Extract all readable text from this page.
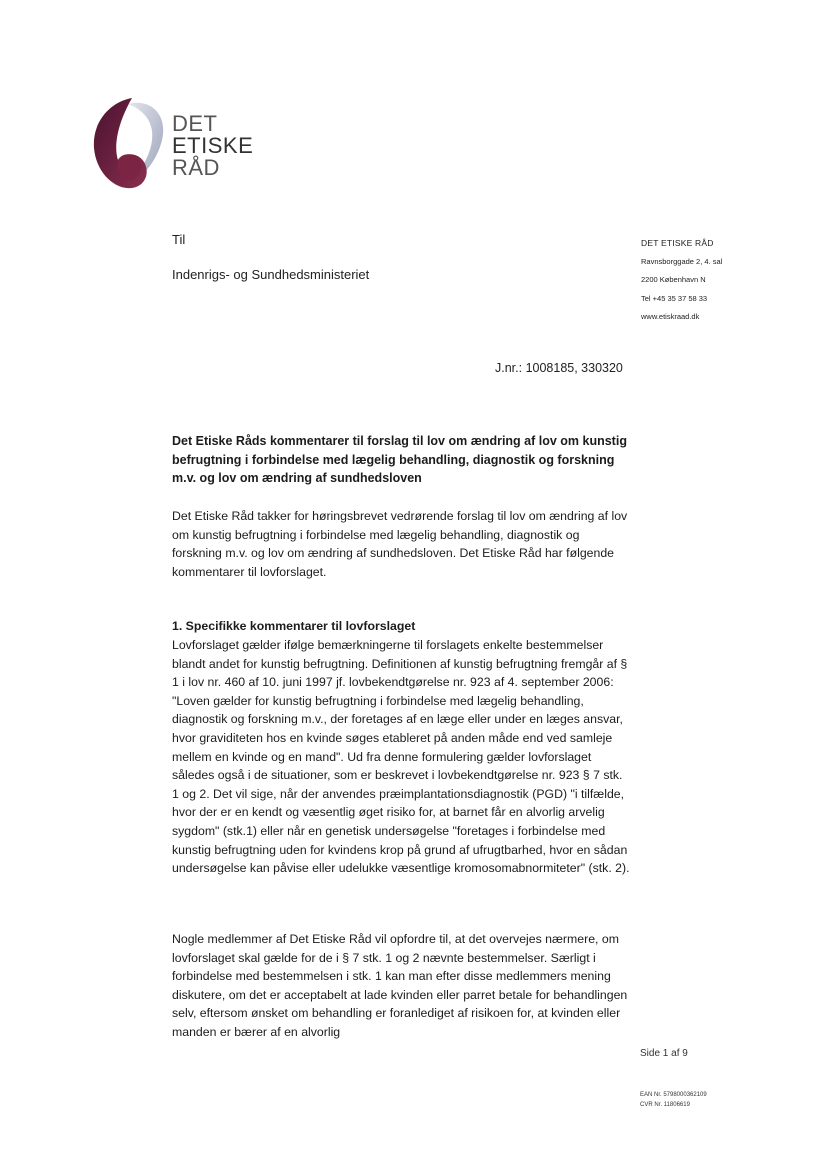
DET
ETISKE
RÅD
Til
Indenrigs- og Sundhedsministeriet
DET ETISKE RÅD
Ravnsborggade 2, 4. sal
2200 København N
Tel +45 35 37 58 33
www.etiskraad.dk
J.nr.: 1008185, 330320
Det Etiske Råds kommentarer til forslag til lov om ændring af lov om kunstig befrugtning i forbindelse med lægelig behandling, diagnostik og forskning m.v. og lov om ændring af sundhedsloven
Det Etiske Råd takker for høringsbrevet vedrørende forslag til lov om ændring af lov om kunstig befrugtning i forbindelse med lægelig behandling, diagnostik og forskning m.v. og lov om ændring af sundhedsloven. Det Etiske Råd har følgende kommentarer til lovforslaget.
1. Specifikke kommentarer til lovforslaget
Lovforslaget gælder ifølge bemærkningerne til forslagets enkelte bestemmelser blandt andet for kunstig befrugtning. Definitionen af kunstig befrugtning fremgår af § 1 i lov nr. 460 af 10. juni 1997 jf. lovbekendtgørelse nr. 923 af 4. september 2006: "Loven gælder for kunstig befrugtning i forbindelse med lægelig behandling, diagnostik og forskning m.v., der foretages af en læge eller under en læges ansvar, hvor graviditeten hos en kvinde søges etableret på anden måde end ved samleje mellem en kvinde og en mand". Ud fra denne formulering gælder lovforslaget således også i de situationer, som er beskrevet i lovbekendtgørelse nr. 923 § 7 stk. 1 og 2. Det vil sige, når der anvendes præimplantationsdiagnostik (PGD) "i tilfælde, hvor der er en kendt og væsentlig øget risiko for, at barnet får en alvorlig arvelig sygdom" (stk.1) eller når en genetisk undersøgelse "foretages i forbindelse med kunstig befrugtning uden for kvindens krop på grund af ufrugtbarhed, hvor en sådan undersøgelse kan påvise eller udelukke væsentlige kromosomabnormiteter" (stk. 2).
Nogle medlemmer af Det Etiske Råd vil opfordre til, at det overvejes nærmere, om lovforslaget skal gælde for de i § 7 stk. 1 og 2 nævnte bestemmelser. Særligt i forbindelse med bestemmelsen i stk. 1 kan man efter disse medlemmers mening diskutere, om det er acceptabelt at lade kvinden eller parret betale for behandlingen selv, eftersom ønsket om behandling er foranlediget af risikoen for, at kvinden eller manden er bærer af en alvorlig
Side 1 af 9
EAN Nr. 5798000362109
CVR Nr. 11806619
